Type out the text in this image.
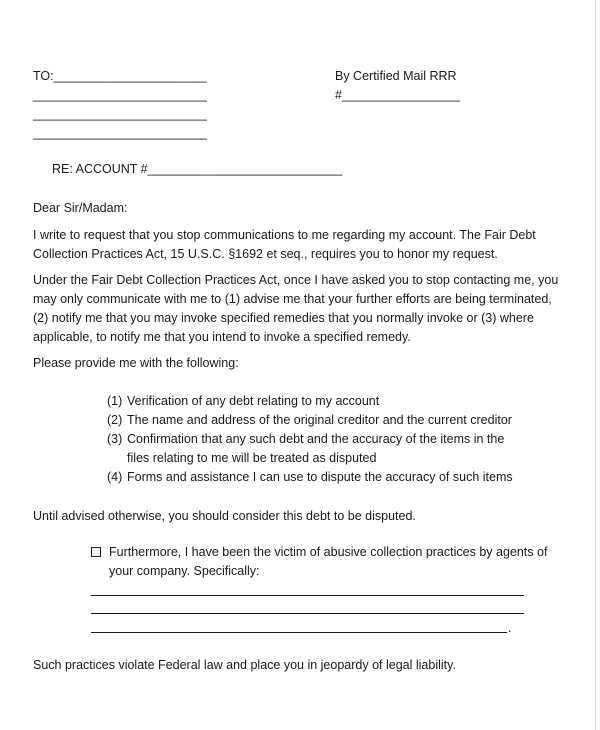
TO:______________________
_________________________
_________________________
_________________________
By Certified Mail RRR
#_________________
RE: ACCOUNT #____________________________
Dear Sir/Madam:
I write to request that you stop communications to me regarding my account. The Fair Debt
Collection Practices Act, 15 U.S.C. §1692 et seq., requires you to honor my request.
Under the Fair Debt Collection Practices Act, once I have asked you to stop contacting me, you
may only communicate with me to (1) advise me that your further efforts are being terminated,
(2) notify me that you may invoke specified remedies that you normally invoke or (3) where
applicable, to notify me that you intend to invoke a specified remedy.
Please provide me with the following:
(1) Verification of any debt relating to my account
(2) The name and address of the original creditor and the current creditor
(3) Confirmation that any such debt and the accuracy of the items in the
files relating to me will be treated as disputed
(4) Forms and assistance I can use to dispute the accuracy of such items
Until advised otherwise, you should consider this debt to be disputed.
Furthermore, I have been the victim of abusive collection practices by agents of
your company. Specifically:
.
Such practices violate Federal law and place you in jeopardy of legal liability.
